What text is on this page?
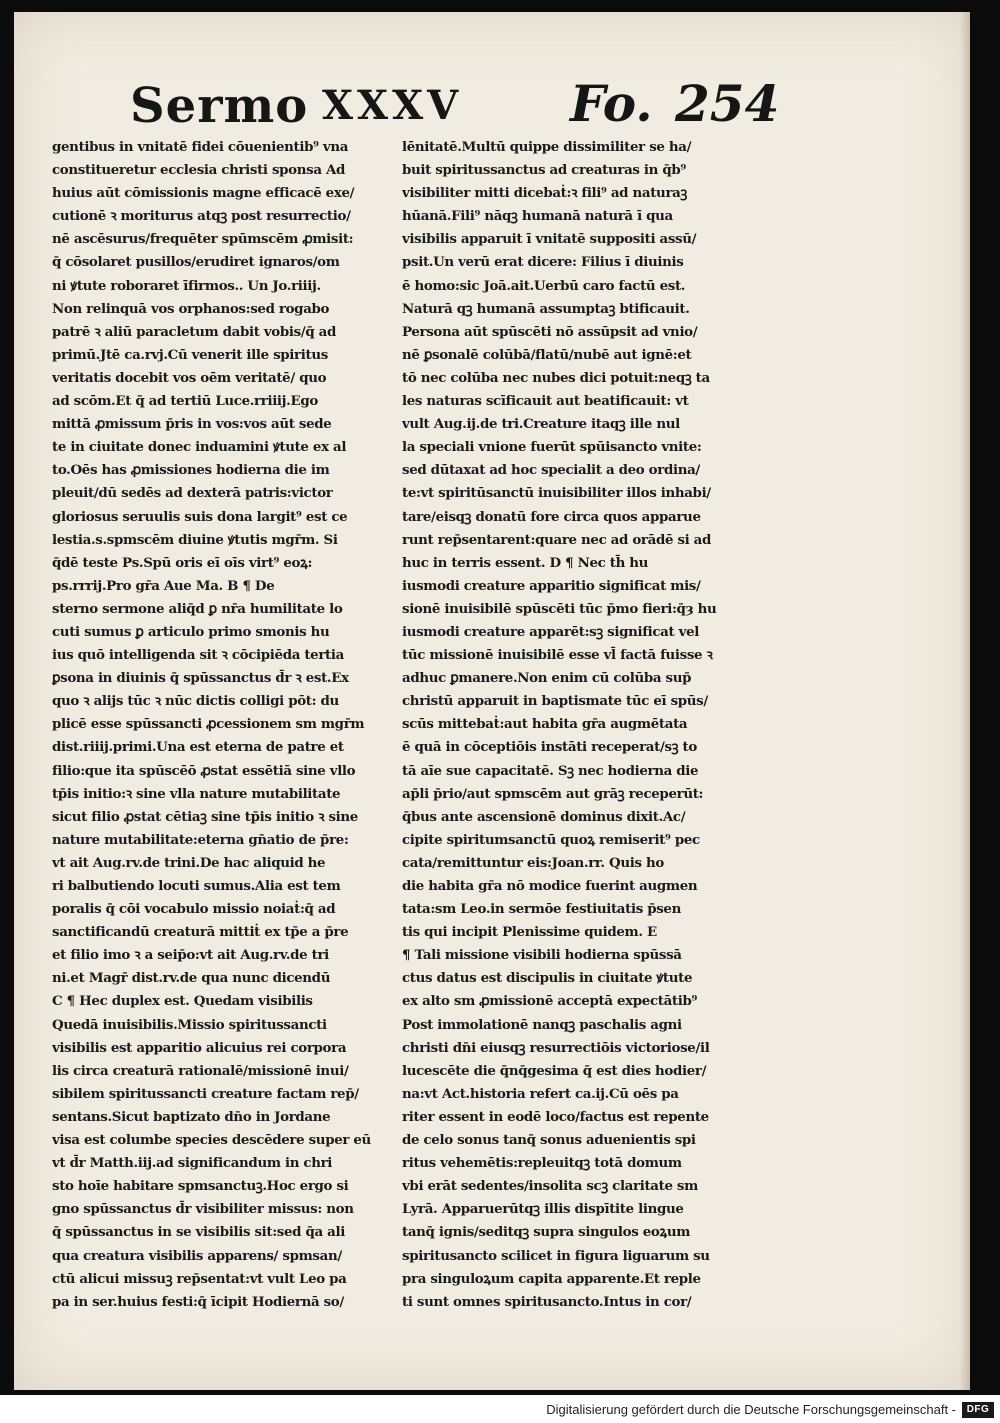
Sermo XXXV Fo. 254
gentibus in vnitatē fidei cōuenientib⁹ vna
constitueretur ecclesia christi sponsa Ad
huius aūt cōmissionis magne efficacē exe/
cutionē ꝛ moriturus atqꝫ post resurrectio/
nē ascēsurus/frequēter spūmscēm ꝓmisit:
q̄ cōsolaret pusillos/erudiret ignaros/om
ni ꝟtute roboraret īfirmos.. Un Jo.riiij.
Non relinquā vos orphanos:sed rogabo
patrē ꝛ aliū paracletum dabit vobis/q̄ ad
primū.Jtē ca.rvj.Cū venerit ille spiritus
veritatis docebit vos oēm veritatē/ quo
ad scōm.Et q̄ ad tertiū Luce.rriiij.Ego
mittā ꝓmissum p̄ris in vos:vos aūt sede
te in ciuitate donec induamini ꝟtute ex al
to.Oēs has ꝓmissiones hodierna die im
pleuit/dū sedēs ad dexterā patris:victor
gloriosus seruulis suis dona largit⁹ est ce
lestia.s.spmscēm diuine ꝟtutis mgr̄m. Si
q̄dē teste Ps.Spū oris eī oīs virt⁹ eoꝝ:
ps.rrrij.Pro gr̄a Aue Ma. B ¶ De
sterno sermone aliq̄d ꝑ nr̄a humilitate lo
cuti sumus ꝑ articulo primo smonis hu
ius quō intelligenda sit ꝛ cōcipiēda tertia
ꝑsona in diuinis q̄ spūssanctus d̄r ꝛ est.Ex
quo ꝛ alijs tūc ꝛ nūc dictis colligi pōt: du
plicē esse spūssancti ꝓcessionem sm mgr̄m
dist.riiij.primi.Una est eterna de patre et
filio:que ita spūscēō ꝓstat essētiā sine vllo
tp̄is initio:ꝛ sine vlla nature mutabilitate
sicut filio ꝓstat cētiaꝫ sine tp̄is initio ꝛ sine
nature mutabilitate:eterna gn̄atio de p̄re:
vt ait Aug.rv.de trini.De hac aliquid he
ri balbutiendo locuti sumus.Alia est tem
poralis q̄ cōi vocabulo missio noiaṫ:q̄ ad
sanctificandū creaturā mittiṫ ex tp̄e a p̄re
et filio imo ꝛ a seip̄o:vt ait Aug.rv.de tri
ni.et Magr̄ dist.rv.de qua nunc dicendū
C ¶ Hec duplex est. Quedam visibilis
Quedā inuisibilis.Missio spiritussancti
visibilis est apparitio alicuius rei corpora
lis circa creaturā rationalē/missionē inui/
sibilem spiritussancti creature factam rep̄/
sentans.Sicut baptizato dn̄o in Jordane
visa est columbe species descēdere super eū
vt d̄r Matth.iij.ad significandum in chri
sto hoīe habitare spmsanctuꝫ.Hoc ergo si
gno spūssanctus d̄r visibiliter missus: non
q̄ spūssanctus in se visibilis sit:sed q̄a ali
qua creatura visibilis apparens/ spmsan/
ctū alicui missuꝫ rep̄sentat:vt vult Leo pa
pa in ser.huius festi:q̄ īcipit Hodiernā so/
lēnitatē.Multū quippe dissimiliter se ha/
buit spiritussanctus ad creaturas in q̄b⁹
visibiliter mitti dicebaṫ:ꝛ fili⁹ ad naturaꝫ
hūanā.Fili⁹ nāqꝫ humanā naturā ī qua
visibilis apparuit ī vnitatē suppositi assū/
psit.Un verū erat dicere: Filius ī diuinis
ē homo:sic Joā.ait.Uerbū caro factū est.
Naturā qꝫ humanā assumptaꝫ btificauit.
Persona aūt spūscēti nō assūpsit ad vnio/
nē ꝑsonalē colūbā/flatū/nubē aut ignē:et
tō nec colūba nec nubes dici potuit:neqꝫ ta
les naturas scīficauit aut beatificauit: vt
vult Aug.ij.de tri.Creature itaqꝫ ille nul
la speciali vnione fuerūt spūisancto vnite:
sed dūtaxat ad hoc specialit a deo ordina/
te:vt spiritūsanctū inuisibiliter illos inhabi/
tare/eisqꝫ donatū fore circa quos apparue
runt rep̄sentarent:quare nec ad orādē si ad
huc in terris essent. D ¶ Nec th̄ hu
iusmodi creature apparitio significat mis/
sionē inuisibilē spūscēti tūc p̄mo fieri:q̄ȝ hu
iusmodi creature apparēt:sꝫ significat vel
tūc missionē inuisibilē esse vl̄ factā fuisse ꝛ
adhuc ꝑmanere.Non enim cū colūba sup̄
christū apparuit in baptismate tūc eī spūs/
scūs mittebaṫ:aut habita gr̄a augmētata
ē quā in cōceptiōis instāti receperat/sꝫ to
tā aīe sue capacitatē. Sꝫ nec hodierna die
ap̄li p̄rio/aut spmscēm aut grāꝫ receperūt:
q̄bus ante ascensionē dominus dixit.Ac/
cipite spiritumsanctū quoꝝ remiserit⁹ pec
cata/remittuntur eis:Joan.rr. Quis ho
die habita gr̄a nō modice fuerint augmen
tata:sm Leo.in sermōe festiuitatis p̄sen
tis qui incipit Plenissime quidem. E
¶ Tali missione visibili hodierna spūssā
ctus datus est discipulis in ciuitate ꝟtute
ex alto sm ꝓmissionē acceptā expectātib⁹
Post immolationē nanqꝫ paschalis agni
christi dn̄i eiusqꝫ resurrectiōis victoriose/il
lucescēte die q̄nq̄gesima q̄ est dies hodier/
na:vt Act.historia refert ca.ij.Cū oēs pa
riter essent in eodē loco/factus est repente
de celo sonus tanq̄ sonus aduenientis spi
ritus vehemētis:repleuitqꝫ totā domum
vbi erāt sedentes/insolita scꝫ claritate sm
Lyrā. Apparuerūtqꝫ illis dispītite lingue
tanq̄ ignis/seditqꝫ supra singulos eoꝝum
spiritusancto scilicet in figura liguarum su
pra singuloꝝum capita apparente.Et reple
ti sunt omnes spiritusancto.Intus in cor/
Digitalisierung gefördert durch die Deutsche Forschungsgemeinschaft -	DFG
